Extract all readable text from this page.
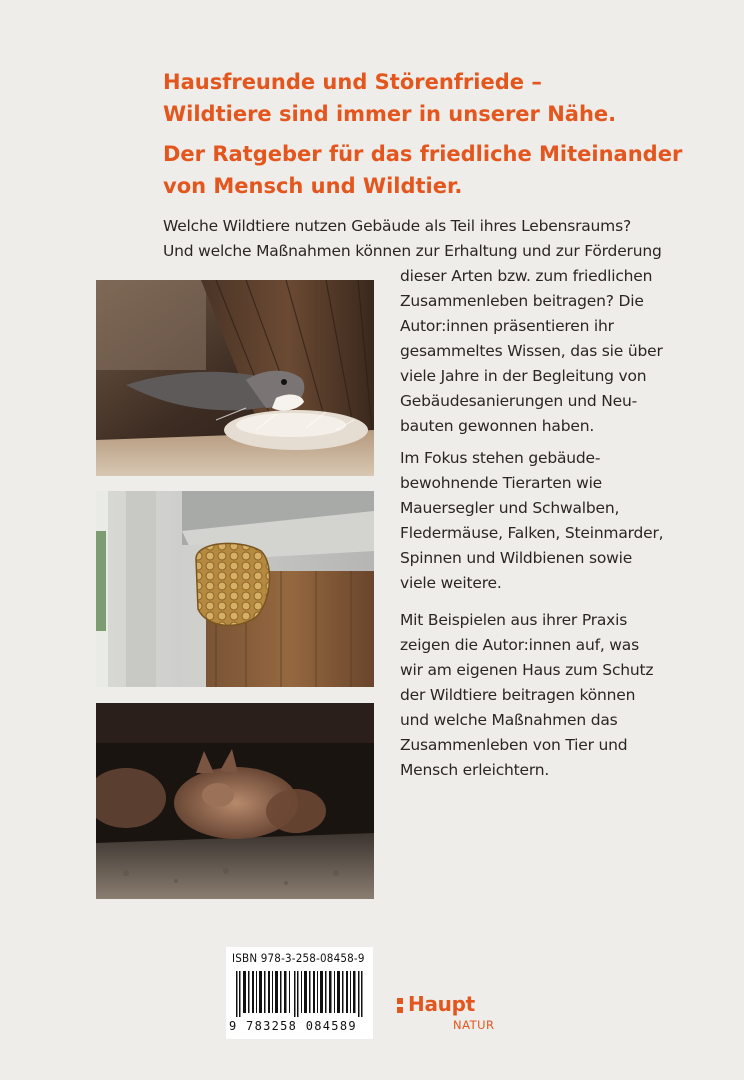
Hausfreunde und Störenfriede –
Wildtiere sind immer in unserer Nähe.
Der Ratgeber für das friedliche Miteinander
von Mensch und Wildtier.
Welche Wildtiere nutzen Gebäude als Teil ihres Lebensraums?
Und welche Maßnahmen können zur Erhaltung und zur Förderung
dieser Arten bzw. zum friedlichen
Zusammenleben beitragen? Die
Autor:innen präsentieren ihr
gesammeltes Wissen, das sie über
viele Jahre in der Begleitung von
Gebäudesanierungen und Neu-
bauten gewonnen haben.
Im Fokus stehen gebäude-
bewohnende Tierarten wie
Mauersegler und Schwalben,
Fledermäuse, Falken, Steinmarder,
Spinnen und Wildbienen sowie
viele weitere.
Mit Beispielen aus ihrer Praxis
zeigen die Autor:innen auf, was
wir am eigenen Haus zum Schutz
der Wildtiere beitragen können
und welche Maßnahmen das
Zusammenleben von Tier und
Mensch erleichtern.
ISBN 978-3-258-08458-9
9 783258 084589
Haupt
NATUR
